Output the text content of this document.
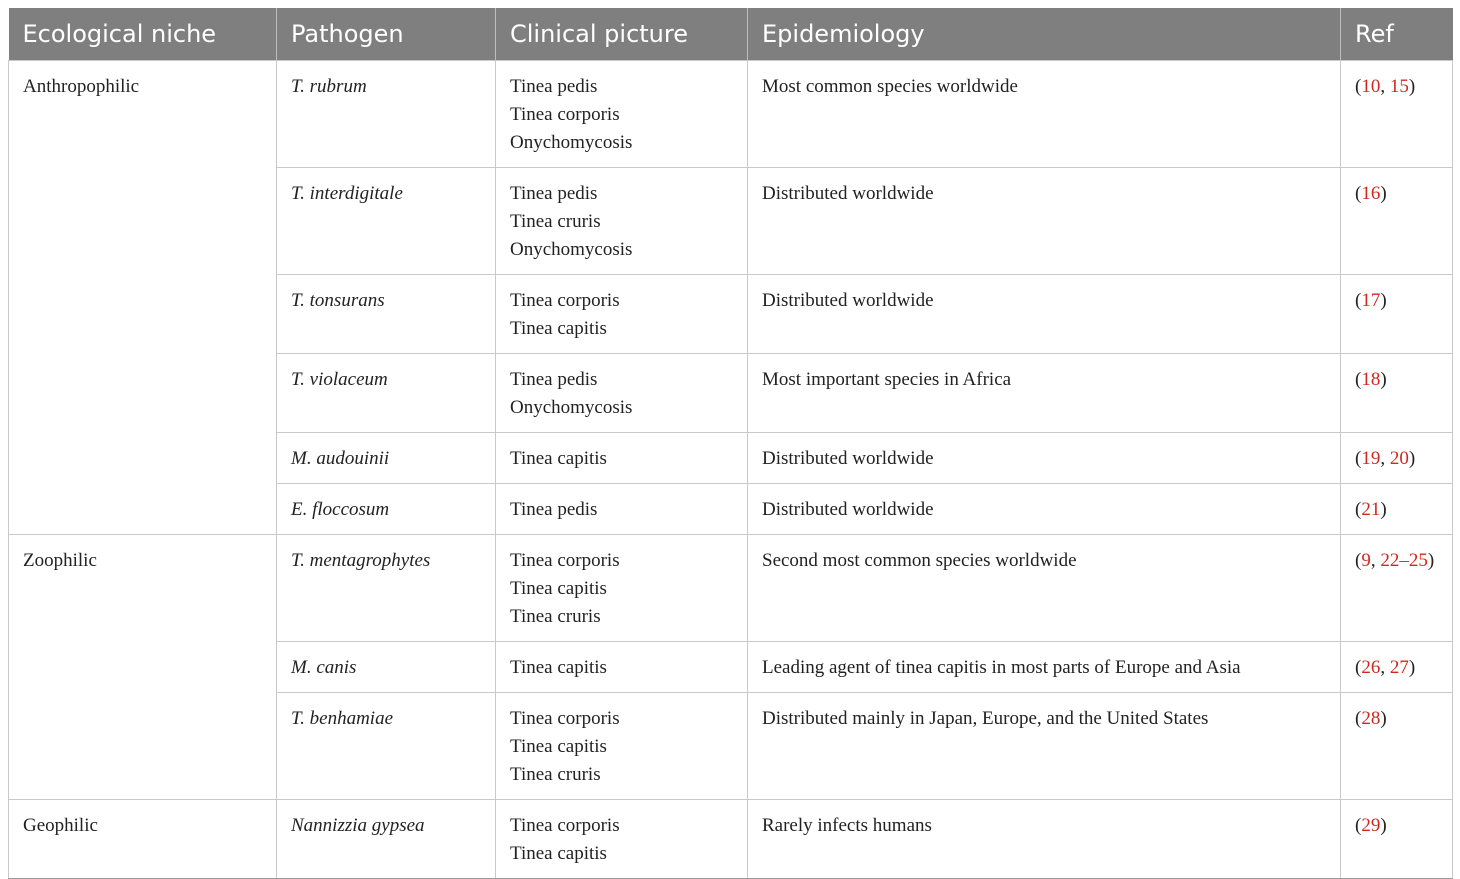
Ecological niche	Pathogen	Clinical picture	Epidemiology	Ref
Anthropophilic	T. rubrum	Tinea pedis
Tinea corporis
Onychomycosis	Most common species worldwide	(10, 15)
	T. interdigitale	Tinea pedis
Tinea cruris
Onychomycosis	Distributed worldwide	(16)
	T. tonsurans	Tinea corporis
Tinea capitis	Distributed worldwide	(17)
	T. violaceum	Tinea pedis
Onychomycosis	Most important species in Africa	(18)
	M. audouinii	Tinea capitis	Distributed worldwide	(19, 20)
	E. floccosum	Tinea pedis	Distributed worldwide	(21)
Zoophilic	T. mentagrophytes	Tinea corporis
Tinea capitis
Tinea cruris	Second most common species worldwide	(9, 22–25)
	M. canis	Tinea capitis	Leading agent of tinea capitis in most parts of Europe and Asia	(26, 27)
	T. benhamiae	Tinea corporis
Tinea capitis
Tinea cruris	Distributed mainly in Japan, Europe, and the United States	(28)
Geophilic	Nannizzia gypsea	Tinea corporis
Tinea capitis	Rarely infects humans	(29)
